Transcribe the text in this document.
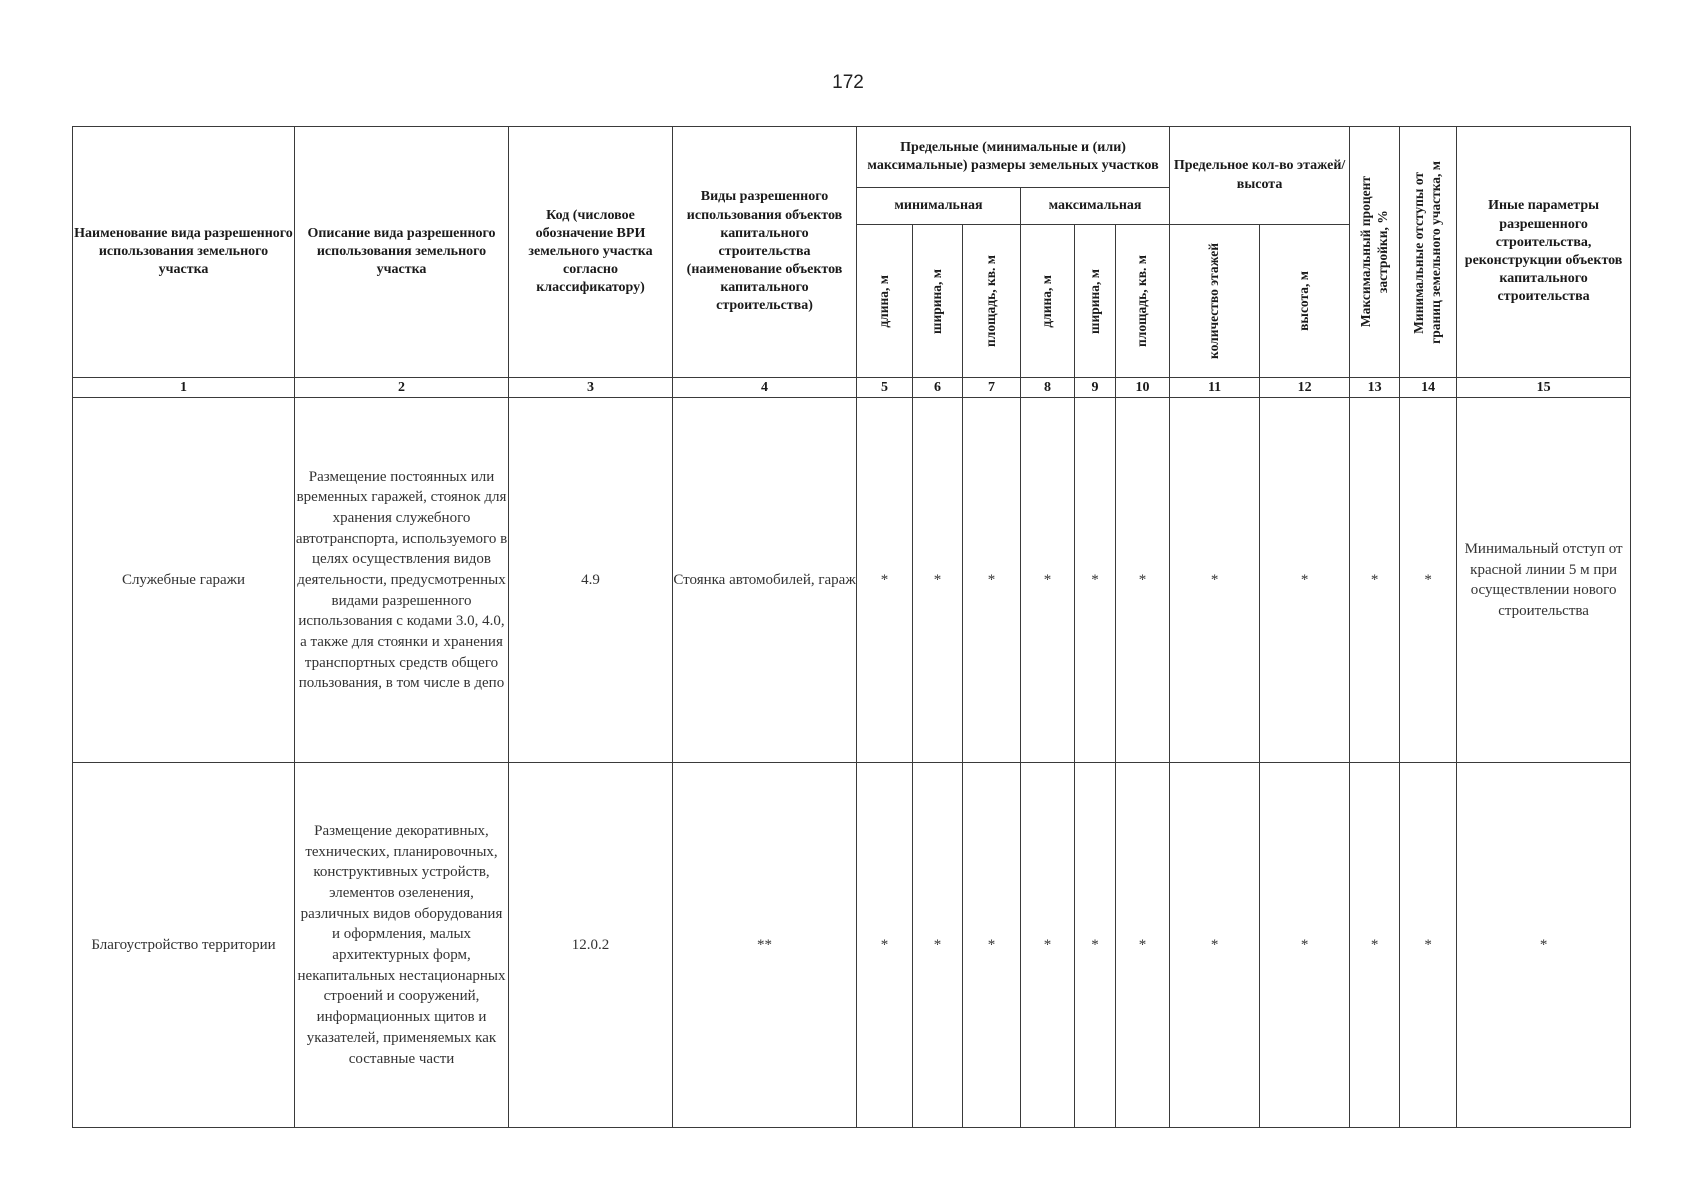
172
Наименование вида разрешенного использования земельного участка	Описание вида разрешенного использования земельного участка	Код (числовое обозначение ВРИ земельного участка согласно классификатору)	Виды разрешенного использования объектов капитального строительства (наименование объектов капитального строительства)	Предельные (минимальные и (или) максимальные) размеры земельных участков						Предельное кол-во этажей/высота		Максимальный процент застройки, %	Минимальные отступы от границ земельного участка, м	Иные параметры разрешенного строительства, реконструкции объектов капитального строительства
				минимальная			максимальная							

				длина, м	ширина, м	площадь, кв. м	длина, м	ширина, м	площадь, кв. м	количество этажей	высота, м			

1	2	3	4	5	6	7	8	9	10	11	12	13	14	15
Служебные гаражи	Размещение постоянных или временных гаражей, стоянок для хранения служебного автотранспорта, используемого в целях осуществления видов деятельности, предусмотренных видами разрешенного использования с кодами 3.0, 4.0, а также для стоянки и хранения транспортных средств общего пользования, в том числе в депо	4.9	Стоянка автомобилей, гараж	*	*	*	*	*	*	*	*	*	*	Минимальный отступ от красной линии 5 м при осуществлении нового строительства
Благоустройство территории	Размещение декоративных, технических, планировочных, конструктивных устройств, элементов озеленения, различных видов оборудования и оформления, малых архитектурных форм, некапитальных нестационарных строений и сооружений, информационных щитов и указателей, применяемых как составные части	12.0.2	**	*	*	*	*	*	*	*	*	*	*	*
